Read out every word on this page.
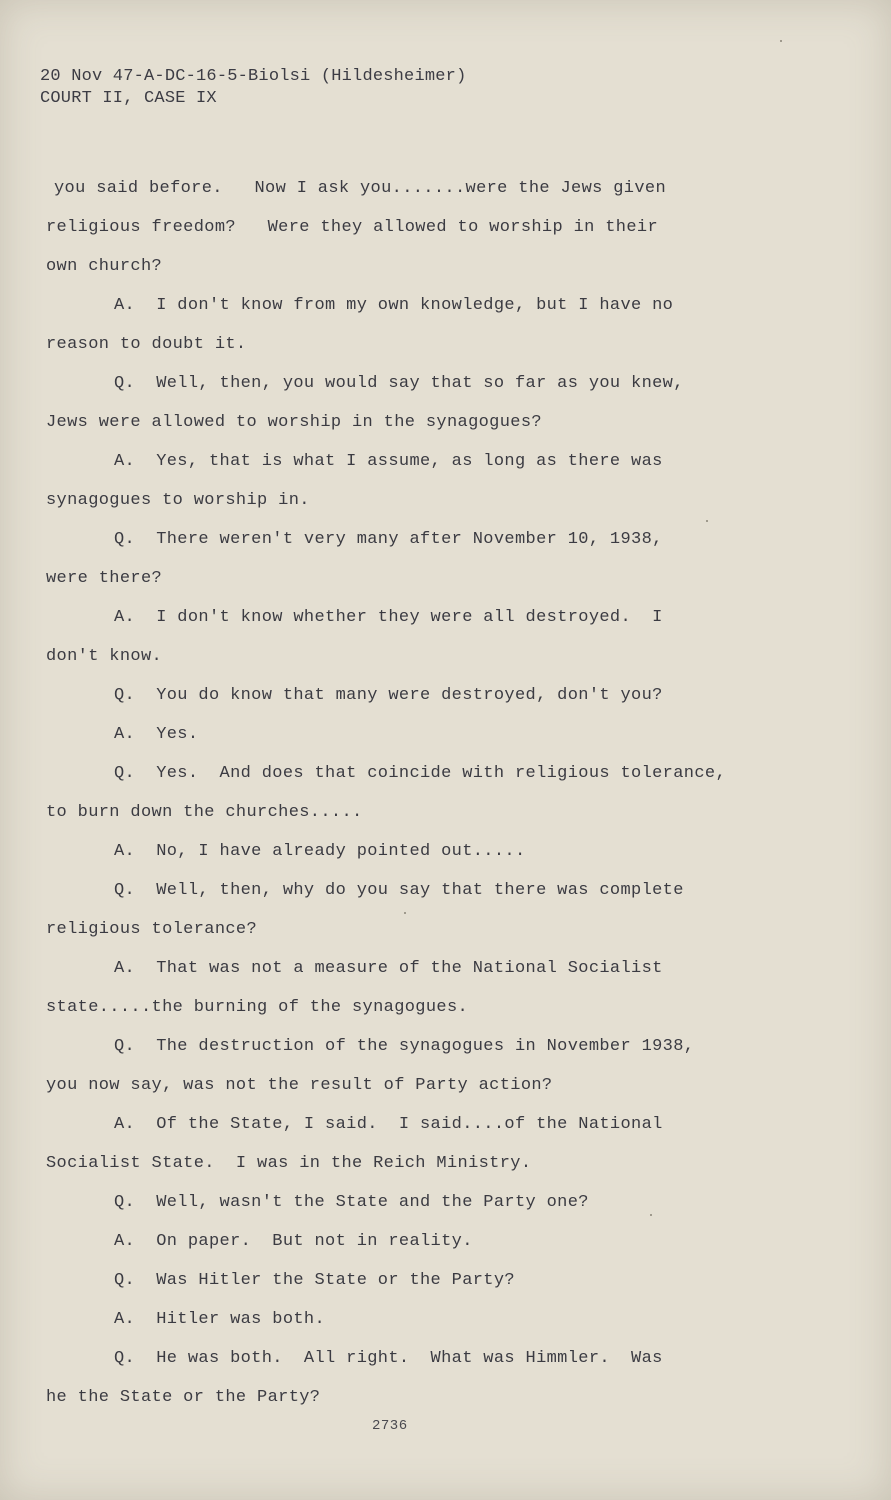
20 Nov 47-A-DC-16-5-Biolsi (Hildesheimer)
COURT II, CASE IX
you said before.   Now I ask you.......were the Jews given
religious freedom?   Were they allowed to worship in their
own church?
A.  I don't know from my own knowledge, but I have no
reason to doubt it.
Q.  Well, then, you would say that so far as you knew,
Jews were allowed to worship in the synagogues?
A.  Yes, that is what I assume, as long as there was
synagogues to worship in.
Q.  There weren't very many after November 10, 1938,
were there?
A.  I don't know whether they were all destroyed.  I
don't know.
Q.  You do know that many were destroyed, don't you?
A.  Yes.
Q.  Yes.  And does that coincide with religious tolerance,
to burn down the churches.....
A.  No, I have already pointed out.....
Q.  Well, then, why do you say that there was complete
religious tolerance?
A.  That was not a measure of the National Socialist
state.....the burning of the synagogues.
Q.  The destruction of the synagogues in November 1938,
you now say, was not the result of Party action?
A.  Of the State, I said.  I said....of the National
Socialist State.  I was in the Reich Ministry.
Q.  Well, wasn't the State and the Party one?
A.  On paper.  But not in reality.
Q.  Was Hitler the State or the Party?
A.  Hitler was both.
Q.  He was both.  All right.  What was Himmler.  Was
he the State or the Party?
2736
